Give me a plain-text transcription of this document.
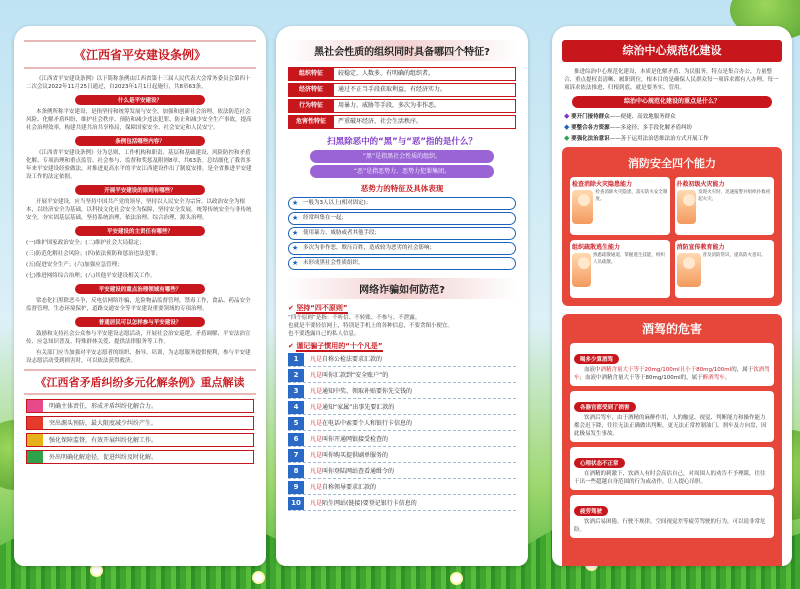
《江西省平安建设条例》

《江西省平安建设条例》以下简称条例由江西省第十三届人民代表大会常务委员会第四十二次会议2022年11月25日通过，自2023年1月1日起施行，共8章63条。

什么是平安建设？

本条例所称平安建设，是指坚持和统筹发展与安全，加强和创新社会治理，依法防范社会风险、化解矛盾纠纷、维护社会秩序、预防和减少违法犯罪、防止和减少安全生产事故，提高社会治理效率，构建共建共治共享格局，保障国家安全、社会安定和人民安宁。

条例包括哪些内容？

《江西省平安建设条例》分为总则、工作机构和职责、基层和基础建设、风险防控和矛盾化解、专项治理和重点监管、社会参与、监督和奖惩及附则8章、共63条。总结细化了我省多年来平安建设经验做法，对推进更高水平的平安江西建设作出了制度安排，是全省推进平安建设工作的法定依据。

开展平安建设的原则有哪些？

开展平安建设，应当坚持中国共产党的领导，坚持以人民安全为宗旨，以政治安全为根本，以经济安全为基础，以科技文化社会安全为保障，坚持安全发展，统筹传统安全与非传统安全，夯实固基层基础，坚持系统治理、依法治理、综合治理、源头治理。

平安建设的主责任有哪些？

(一)维护国家政治安全；(二)维护社会大局稳定；

(三)防范化解社会风险；(四)依法预防和惩治违法犯罪；

(五)促进安全生产；(六)加强应急管理；

(七)推进网络综合治理；(八)其他平安建设相关工作。

平安建设的重点治理领域有哪些？

常态化扫黑除恶斗争，反电信网络诈骗，危险物品监督管理，禁毒工作，食品、药品安全监督管理，生态环境保护，道路交通安全等平安建设重要领域的专项治理。

普通居民可以怎样参与平安建设？

鼓励和支持社会公众参与平安建设志愿活动，开展社会治安巡逻、矛盾调解、平安法治宣传、应急知识普及、特殊群体关爱、提供法律服务等工作。

有关部门应当加强对平安志愿者的组织、指导、培训，为志愿服务提供便利，参与平安建设志愿活动受到损害时，可以依法获得救济。

《江西省矛盾纠纷多元化解条例》重点解读
明确主体责任，形成矛盾纠纷化解合力。
突出源头预防，最大限度减少纠纷产生。
强化保障监督，有效开展纠纷化解工作。
外出明确化解途径，促进纠纷及时化解。
黑社会性质的组织同时具备哪四个特征?
组织特征	较稳定、人数多、有明确的组织者。
经济特征	通过不正当手段获取利益，有经济实力。
行为特征	用暴力、威胁等手段，多次为非作恶。
危害性特征	严重破坏经济、社会生活秩序。
扫黑除恶中的“黑”与“恶”指的是什么？
“黑”是指黑社会性质的组织。
“恶”是指恶势力、恶势力犯罪集团。
恶势力的特征及具体表现
★ 一般为3人以上(相对固定)；
★ 经常纠集在一起；
★ 使用暴力、威胁或者其他手段；
★ 多次为非作恶，欺压百姓，造成较为恶劣的社会影响；
★ 未形成黑社会性质组织。
网络诈骗如何防范?
✔ 坚持“四不原则”

“四个原则”是指：不听信、不转账、不参与、不泄露。

也就是不要轻信网上，特别是手机上的各种信息，不要贪图小便宜。

也不要透露自己的私人信息。

✔ 谨记骗子惯用的“十个凡是”
1	凡是自称公检法要求汇款的
2	凡是叫你汇款到“安全账户”的
3	凡是通知中奖、领取补贴要你先交钱的
4	凡是通知“家属”出事先要汇款的
5	凡是在电话中索要个人和银行卡信息的
6	凡是叫你开通网银接受检查的
7	凡是叫你购买提供刷单服务的
8	凡是叫你登陆网站查看通缉令的
9	凡是自称领导要求汇款的
10	凡是陌生网站(链接)要登记银行卡信息的
综治中心规范化建设

推进综治中心规范化建设，本质是化解矛盾、为民服务，特点是集合办公，力量整合、重点提权责清晰、履职到位，根本目的是确保人民群众每一项诉求都有人办理、每一项诉求依法推进、归根到底、就是要务实、管用。

综治中心规范化建设的重点是什么？
◆ 要开门接待群众——便捷、高效地服务群众
◆ 要整合各方资源——多途径、多手段化解矛盾纠纷
◆ 要强化法治意识——善于运用法治思维法治方式开展工作
消防安全四个能力
检查消除火灾隐患能力
检查消除火灾隐患，落实防火安全制度。
扑救初级火灾能力
发现火灾时，迅速报警并组织扑救初起火灾。
组织疏散逃生能力
熟悉疏散通道，掌握逃生技能，组织人员疏散。
消防宣传教育能力
普及消防常识，提高防火意识。
酒驾的危害
喝多少算酒驾

血液中酒精含量大于等于20mg/100ml且小于80mg/100ml的，属于饮酒驾车；血液中酒精含量大于等于80mg/100ml的，属于醉酒驾车。

各器官都受到了损害

饮酒后驾车，由于酒精的麻醉作用，人的触觉、视觉、判断能力和操作能力都会迟下降，往往无法正确做出判断，更无法正常控制油门、刹车及方向盘，因此极易发生事故。

心理状态不正常

在酒精的刺激下，饮酒人有时会高估自己，对周围人的劝告不予理睬，往往干出一些超越自身范围的行为或动作，让人提心吊胆。

疲劳驾驶

饮酒后易困倦，行驶不规律，空间视觉差等疲劳驾驶的行为，可以说非常危险。
